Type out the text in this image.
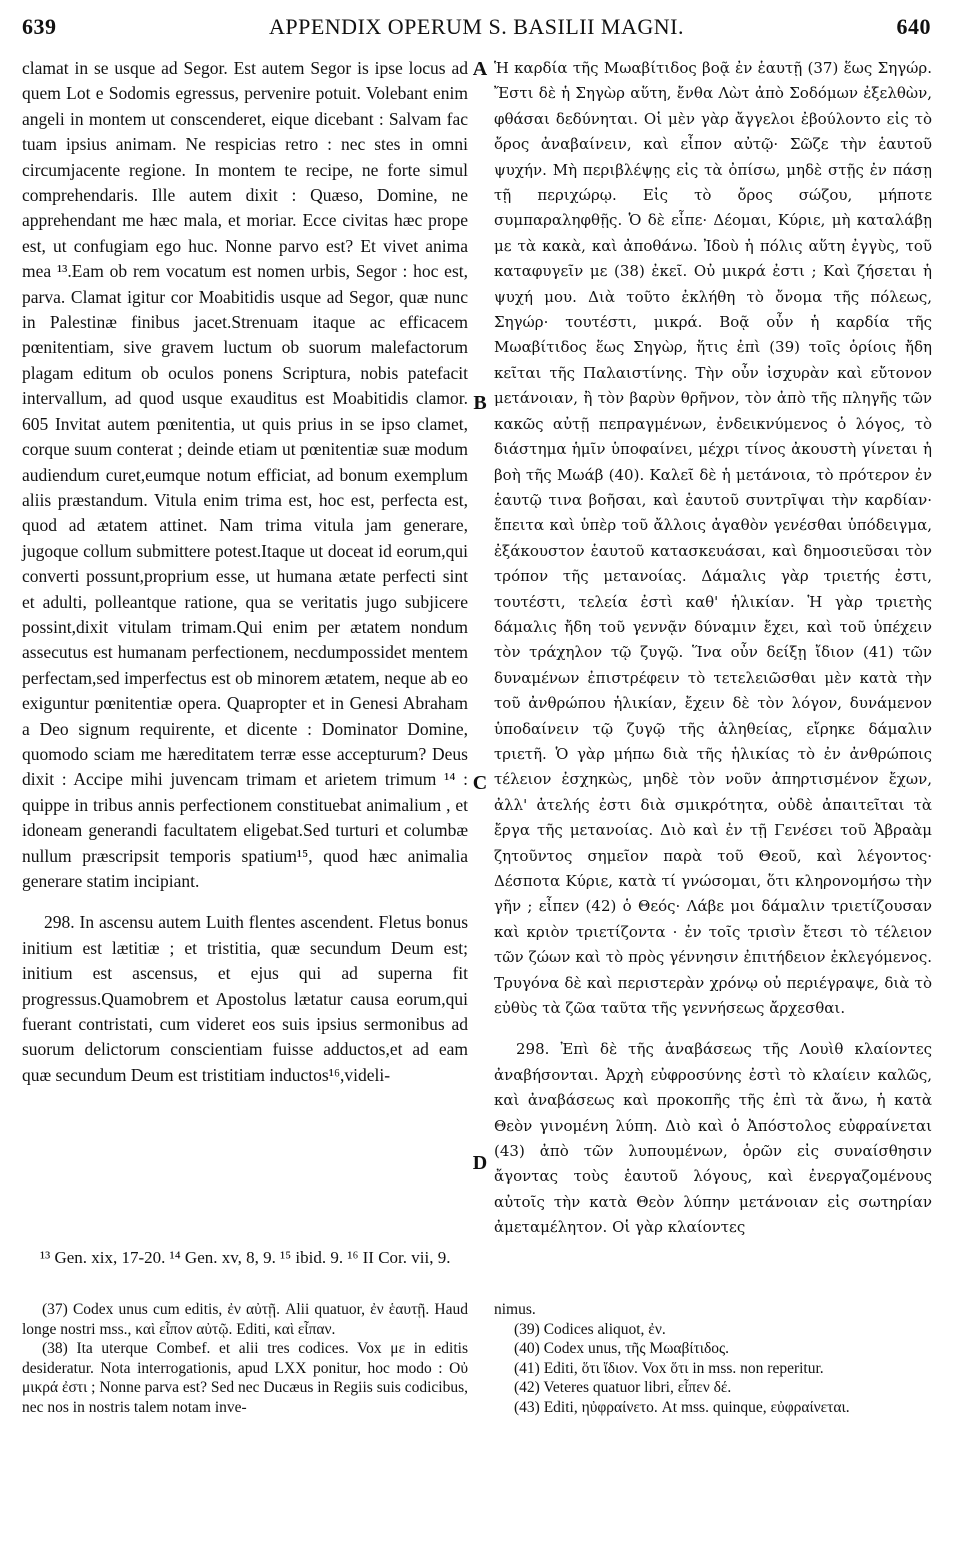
639	APPENDIX OPERUM S. BASILII MAGNI.	640

clamat in se usque ad Segor. Est autem Segor is ipse locus ad quem Lot e Sodomis egressus, pervenire potuit. Volebant enim angeli in montem ut conscenderet, eique dicebant : Salvam fac tuam ipsius animam. Ne respicias retro : nec stes in omni circumjacente regione. In montem te recipe, ne forte simul comprehendaris. Ille autem dixit : Quæso, Domine, ne apprehendant me hæc mala, et moriar. Ecce civitas hæc prope est, ut confugiam ego huc. Nonne parvo est? Et vivet anima mea ¹³.Eam ob rem vocatum est nomen urbis, Segor : hoc est, parva. Clamat igitur cor Moabitidis usque ad Segor, quæ nunc in Palestinæ finibus jacet.Strenuam itaque ac efficacem pœnitentiam, sive gravem luctum ob suorum malefactorum plagam editum ob oculos ponens Scriptura, nobis patefacit intervallum, ad quod usque exauditus est Moabitidis clamor. 605 Invitat autem pœnitentia, ut quis prius in se ipso clamet, corque suum conterat ; deinde etiam ut pœnitentiæ suæ modum audiendum curet,eumque notum efficiat, ad bonum exemplum aliis præstandum. Vitula enim trima est, hoc est, perfecta est, quod ad ætatem attinet. Nam trima vitula jam generare, jugoque collum submittere potest.Itaque ut doceat id eorum,qui converti possunt,proprium esse, ut humana ætate perfecti sint et adulti, polleantque ratione, qua se veritatis jugo subjicere possint,dixit vitulam trimam.Qui enim per ætatem nondum assecutus est humanam perfectionem, necdumpossidet mentem perfectam,sed imperfectus est ob minorem ætatem, neque ab eo exiguntur pœnitentiæ opera. Quapropter et in Genesi Abraham a Deo signum requirente, et dicente : Dominator Domine, quomodo sciam me hæreditatem terræ esse accepturum? Deus dixit : Accipe mihi juvencam trimam et arietem trimum ¹⁴ : quippe in tribus annis perfectionem constituebat animalium , et idoneam generandi facultatem eligebat.Sed turturi et columbæ nullum præscripsit temporis spatium¹⁵, quod hæc animalia generare statim incipiant.

298. In ascensu autem Luith flentes ascendent. Fletus bonus initium est lætitiæ ; et tristitia, quæ secundum Deum est; initium est ascensus, et ejus qui ad superna fit progressus.Quamobrem et Apostolus lætatur causa eorum,qui fuerant contristati, cum videret eos suis ipsius sermonibus ad suorum delictorum conscientiam fuisse adductos,et ad eam quæ secundum Deum est tristitiam inductos¹⁶,videli-

A
B
C
D

Ἡ καρδία τῆς Μωαβίτιδος βοᾷ ἐν ἑαυτῇ (37) ἕως Σηγώρ. Ἔστι δὲ ἡ Σηγὼρ αὕτη, ἔνθα Λὼτ ἀπὸ Σοδόμων ἐξελθὼν, φθάσαι δεδύνηται. Οἱ μὲν γὰρ ἄγγελοι ἐβούλοντο εἰς τὸ ὄρος ἀναβαίνειν, καὶ εἶπον αὐτῷ· Σῶζε τὴν ἑαυτοῦ ψυχήν. Μὴ περιβλέψῃς εἰς τὰ ὀπίσω, μηδὲ στῇς ἐν πάσῃ τῇ περιχώρῳ. Εἰς τὸ ὄρος σώζου, μήποτε συμπαραληφθῇς. Ὁ δὲ εἶπε· Δέομαι, Κύριε, μὴ καταλάβῃ με τὰ κακὰ, καὶ ἀποθάνω. Ἰδοὺ ἡ πόλις αὕτη ἐγγὺς, τοῦ καταφυγεῖν με (38) ἐκεῖ. Οὐ μικρά ἐστι ; Καὶ ζήσεται ἡ ψυχή μου. Διὰ τοῦτο ἐκλήθη τὸ ὄνομα τῆς πόλεως, Σηγώρ· τουτέστι, μικρά. Βοᾷ οὖν ἡ καρδία τῆς Μωαβίτιδος ἕως Σηγὼρ, ἥτις ἐπὶ (39) τοῖς ὁρίοις ἤδη κεῖται τῆς Παλαιστίνης. Τὴν οὖν ἰσχυρὰν καὶ εὔτονον μετάνοιαν, ἢ τὸν βαρὺν θρῆνον, τὸν ἀπὸ τῆς πληγῆς τῶν κακῶς αὐτῇ πεπραγμένων, ἐνδεικνύμενος ὁ λόγος, τὸ διάστημα ἡμῖν ὑποφαίνει, μέχρι τίνος ἀκουστὴ γίνεται ἡ βοὴ τῆς Μωάβ (40). Καλεῖ δὲ ἡ μετάνοια, τὸ πρότερον ἐν ἑαυτῷ τινα βοῆσαι, καὶ ἑαυτοῦ συντρῖψαι τὴν καρδίαν· ἔπειτα καὶ ὑπὲρ τοῦ ἄλλοις ἀγαθὸν γενέσθαι ὑπόδειγμα, ἐξάκουστον ἑαυτοῦ κατασκευάσαι, καὶ δημοσιεῦσαι τὸν τρόπον τῆς μετανοίας. Δάμαλις γὰρ τριετής ἐστι, τουτέστι, τελεία ἐστὶ καθ' ἡλικίαν. Ἡ γὰρ τριετὴς δάμαλις ἤδη τοῦ γεννᾷν δύναμιν ἔχει, καὶ τοῦ ὑπέχειν τὸν τράχηλον τῷ ζυγῷ. Ἵνα οὖν δείξῃ ἴδιον (41) τῶν δυναμένων ἐπιστρέφειν τὸ τετελειῶσθαι μὲν κατὰ τὴν τοῦ ἀνθρώπου ἡλικίαν, ἔχειν δὲ τὸν λόγον, δυνάμενον ὑποδαίνειν τῷ ζυγῷ τῆς ἀληθείας, εἴρηκε δάμαλιν τριετῆ. Ὁ γὰρ μήπω διὰ τῆς ἡλικίας τὸ ἐν ἀνθρώποις τέλειον ἐσχηκὼς, μηδὲ τὸν νοῦν ἀπηρτισμένον ἔχων, ἀλλ' ἀτελής ἐστι διὰ σμικρότητα, οὐδὲ ἀπαιτεῖται τὰ ἔργα τῆς μετανοίας. Διὸ καὶ ἐν τῇ Γενέσει τοῦ Ἀβραὰμ ζητοῦντος σημεῖον παρὰ τοῦ Θεοῦ, καὶ λέγοντος· Δέσποτα Κύριε, κατὰ τί γνώσομαι, ὅτι κληρονομήσω τὴν γῆν ; εἶπεν (42) ὁ Θεός· Λάβε μοι δάμαλιν τριετίζουσαν καὶ κριὸν τριετίζοντα · ἐν τοῖς τρισὶν ἔτεσι τὸ τέλειον τῶν ζώων καὶ τὸ πρὸς γέννησιν ἐπιτήδειον ἐκλεγόμενος. Τρυγόνα δὲ καὶ περιστερὰν χρόνῳ οὐ περιέγραψε, διὰ τὸ εὐθὺς τὰ ζῶα ταῦτα τῆς γεννήσεως ἄρχεσθαι.

298. Ἐπὶ δὲ τῆς ἀναβάσεως τῆς Λουὶθ κλαίοντες ἀναβήσονται. Ἀρχὴ εὐφροσύνης ἐστὶ τὸ κλαίειν καλῶς, καὶ ἀναβάσεως καὶ προκοπῆς τῆς ἐπὶ τὰ ἄνω, ἡ κατὰ Θεὸν γινομένη λύπη. Διὸ καὶ ὁ Ἀπόστολος εὐφραίνεται (43) ἀπὸ τῶν λυπουμένων, ὁρῶν εἰς συναίσθησιν ἄγοντας τοὺς ἑαυτοῦ λόγους, καὶ ἐνεργαζομένους αὐτοῖς τὴν κατὰ Θεὸν λύπην μετάνοιαν εἰς σωτηρίαν ἀμεταμέλητον. Οἱ γὰρ κλαίοντες

¹³ Gen. xix, 17-20. ¹⁴ Gen. xv, 8, 9. ¹⁵ ibid. 9. ¹⁶ II Cor. vii, 9.

(37) Codex unus cum editis, ἐν αὐτῇ. Alii quatuor, ἐν ἑαυτῇ. Haud longe nostri mss., καὶ εἶπον αὐτῷ. Editi, καὶ εἶπαν.

(38) Ita uterque Combef. et alii tres codices. Vox με in editis desideratur. Nota interrogationis, apud LXX ponitur, hoc modo : Οὐ μικρά ἐστι ; Nonne parva est? Sed nec Ducæus in Regiis suis codicibus, nec nos in nostris talem notam inve-

nimus.

(39) Codices aliquot, ἐν.

(40) Codex unus, τῆς Μωαβίτιδος.

(41) Editi, ὅτι ἴδιον. Vox ὅτι in mss. non reperitur.

(42) Veteres quatuor libri, εἶπεν δέ.

(43) Editi, ηὐφραίνετο. At mss. quinque, εὐφραίνεται.
